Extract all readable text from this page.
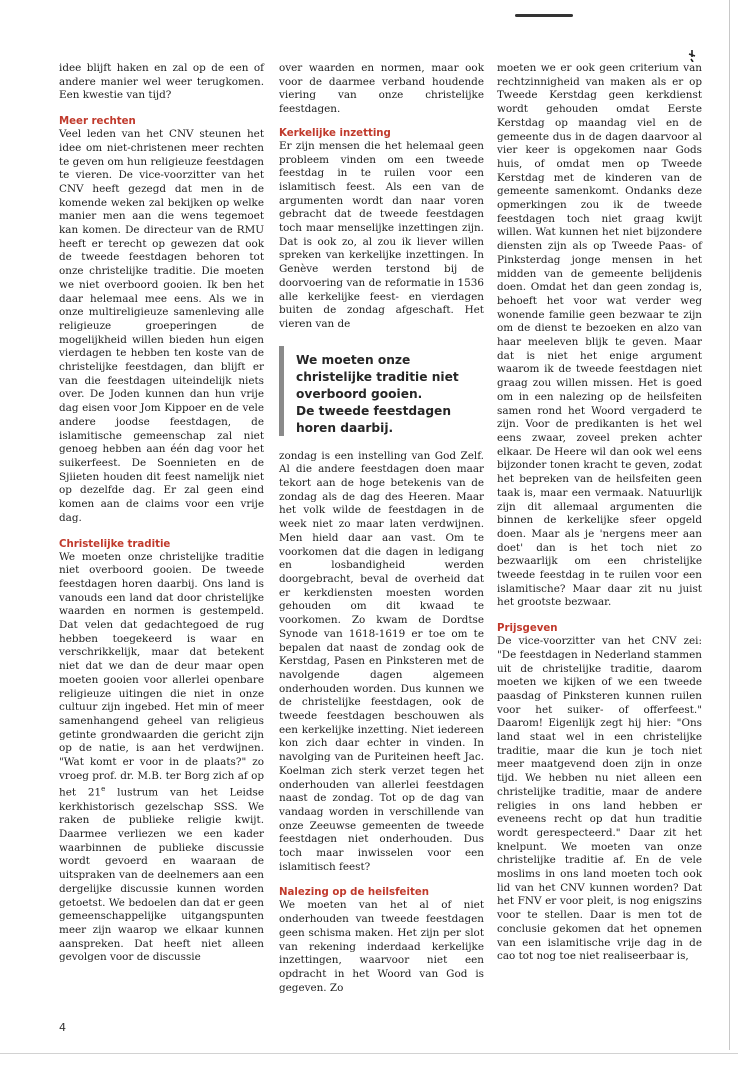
idee blijft haken en zal op de een of andere manier wel weer terugkomen. Een kwestie van tijd?

Meer rechten

Veel leden van het CNV steunen het idee om niet-christenen meer rechten te geven om hun religieuze feestdagen te vieren. De vice-voorzitter van het CNV heeft gezegd dat men in de komende weken zal bekijken op welke manier men aan die wens tegemoet kan komen. De directeur van de RMU heeft er terecht op gewezen dat ook de tweede feestdagen behoren tot onze christelijke traditie. Die moeten we niet overboord gooien. Ik ben het daar helemaal mee eens. Als we in onze multireligieuze samenleving alle religieuze groeperingen de mogelijkheid willen bieden hun eigen vierdagen te hebben ten koste van de christelijke feestdagen, dan blijft er van die feestdagen uiteindelijk niets over. De Joden kunnen dan hun vrije dag eisen voor Jom Kippoer en de vele andere joodse feestdagen, de islamitische gemeenschap zal niet genoeg hebben aan één dag voor het suikerfeest. De Soennieten en de Sjiieten houden dit feest namelijk niet op dezelfde dag. Er zal geen eind komen aan de claims voor een vrije dag.

Christelijke traditie

We moeten onze christelijke traditie niet overboord gooien. De tweede feestdagen horen daarbij. Ons land is vanouds een land dat door christelijke waarden en normen is gestempeld. Dat velen dat gedachtegoed de rug hebben toegekeerd is waar en verschrikkelijk, maar dat betekent niet dat we dan de deur maar open moeten gooien voor allerlei openbare religieuze uitingen die niet in onze cultuur zijn ingebed. Het min of meer samenhangend geheel van religieus getinte grondwaarden die gericht zijn op de natie, is aan het verdwijnen. "Wat komt er voor in de plaats?" zo vroeg prof. dr. M.B. ter Borg zich af op het 21e lustrum van het Leidse kerkhistorisch gezelschap SSS. We raken de publieke religie kwijt. Daarmee verliezen we een kader waarbinnen de publieke discussie wordt gevoerd en waaraan de uitspraken van de deelnemers aan een dergelijke discussie kunnen worden getoetst. We bedoelen dan dat er geen gemeenschappelijke uitgangspunten meer zijn waarop we elkaar kunnen aanspreken. Dat heeft niet alleen gevolgen voor de discussie

over waarden en normen, maar ook voor de daarmee verband houdende viering van onze christelijke feestdagen.

Kerkelijke inzetting

Er zijn mensen die het helemaal geen probleem vinden om een tweede feestdag in te ruilen voor een islamitisch feest. Als een van de argumenten wordt dan naar voren gebracht dat de tweede feestdagen toch maar menselijke inzettingen zijn. Dat is ook zo, al zou ik liever willen spreken van kerkelijke inzettingen. In Genève werden terstond bij de doorvoering van de reformatie in 1536 alle kerkelijke feest- en vierdagen buiten de zondag afgeschaft. Het vieren van de

We moeten onze
christelijke traditie niet
overboord gooien.
De tweede feestdagen
horen daarbij.

zondag is een instelling van God Zelf. Al die andere feestdagen doen maar tekort aan de hoge betekenis van de zondag als de dag des Heeren. Maar het volk wilde de feestdagen in de week niet zo maar laten verdwijnen. Men hield daar aan vast. Om te voorkomen dat die dagen in ledigang en losbandigheid werden doorgebracht, beval de overheid dat er kerkdiensten moesten worden gehouden om dit kwaad te voorkomen. Zo kwam de Dordtse Synode van 1618-1619 er toe om te bepalen dat naast de zondag ook de Kerstdag, Pasen en Pinksteren met de navolgende dagen algemeen onderhouden worden. Dus kunnen we de christelijke feestdagen, ook de tweede feestdagen beschouwen als een kerkelijke inzetting. Niet iedereen kon zich daar echter in vinden. In navolging van de Puriteinen heeft Jac. Koelman zich sterk verzet tegen het onderhouden van allerlei feestdagen naast de zondag. Tot op de dag van vandaag worden in verschillende van onze Zeeuwse gemeenten de tweede feestdagen niet onderhouden. Dus toch maar inwisselen voor een islamitisch feest?

Nalezing op de heilsfeiten

We moeten van het al of niet onderhouden van tweede feestdagen geen schisma maken. Het zijn per slot van rekening inderdaad kerkelijke inzettingen, waarvoor niet een opdracht in het Woord van God is gegeven. Zo

moeten we er ook geen criterium van rechtzinnigheid van maken als er op Tweede Kerstdag geen kerkdienst wordt gehouden omdat Eerste Kerstdag op maandag viel en de gemeente dus in de dagen daarvoor al vier keer is opgekomen naar Gods huis, of omdat men op Tweede Kerstdag met de kinderen van de gemeente samenkomt. Ondanks deze opmerkingen zou ik de tweede feestdagen toch niet graag kwijt willen. Wat kunnen het niet bijzondere diensten zijn als op Tweede Paas- of Pinksterdag jonge mensen in het midden van de gemeente belijdenis doen. Omdat het dan geen zondag is, behoeft het voor wat verder weg wonende familie geen bezwaar te zijn om de dienst te bezoeken en alzo van haar meeleven blijk te geven. Maar dat is niet het enige argument waarom ik de tweede feestdagen niet graag zou willen missen. Het is goed om in een nalezing op de heilsfeiten samen rond het Woord vergaderd te zijn. Voor de predikanten is het wel eens zwaar, zoveel preken achter elkaar. De Heere wil dan ook wel eens bijzonder tonen kracht te geven, zodat het bepreken van de heilsfeiten geen taak is, maar een vermaak. Natuurlijk zijn dit allemaal argumenten die binnen de kerkelijke sfeer opgeld doen. Maar als je 'nergens meer aan doet' dan is het toch niet zo bezwaarlijk om een christelijke tweede feestdag in te ruilen voor een islamitische? Maar daar zit nu juist het grootste bezwaar.

Prijsgeven

De vice-voorzitter van het CNV zei: "De feestdagen in Nederland stammen uit de christelijke traditie, daarom moeten we kijken of we een tweede paasdag of Pinksteren kunnen ruilen voor het suiker- of offerfeest." Daarom! Eigenlijk zegt hij hier: "Ons land staat wel in een christelijke traditie, maar die kun je toch niet meer maatgevend doen zijn in onze tijd. We hebben nu niet alleen een christelijke traditie, maar de andere religies in ons land hebben er eveneens recht op dat hun traditie wordt gerespecteerd." Daar zit het knelpunt. We moeten van onze christelijke traditie af. En de vele moslims in ons land moeten toch ook lid van het CNV kunnen worden? Dat het FNV er voor pleit, is nog enigszins voor te stellen. Daar is men tot de conclusie gekomen dat het opnemen van een islamitische vrije dag in de cao tot nog toe niet realiseerbaar is,

4
